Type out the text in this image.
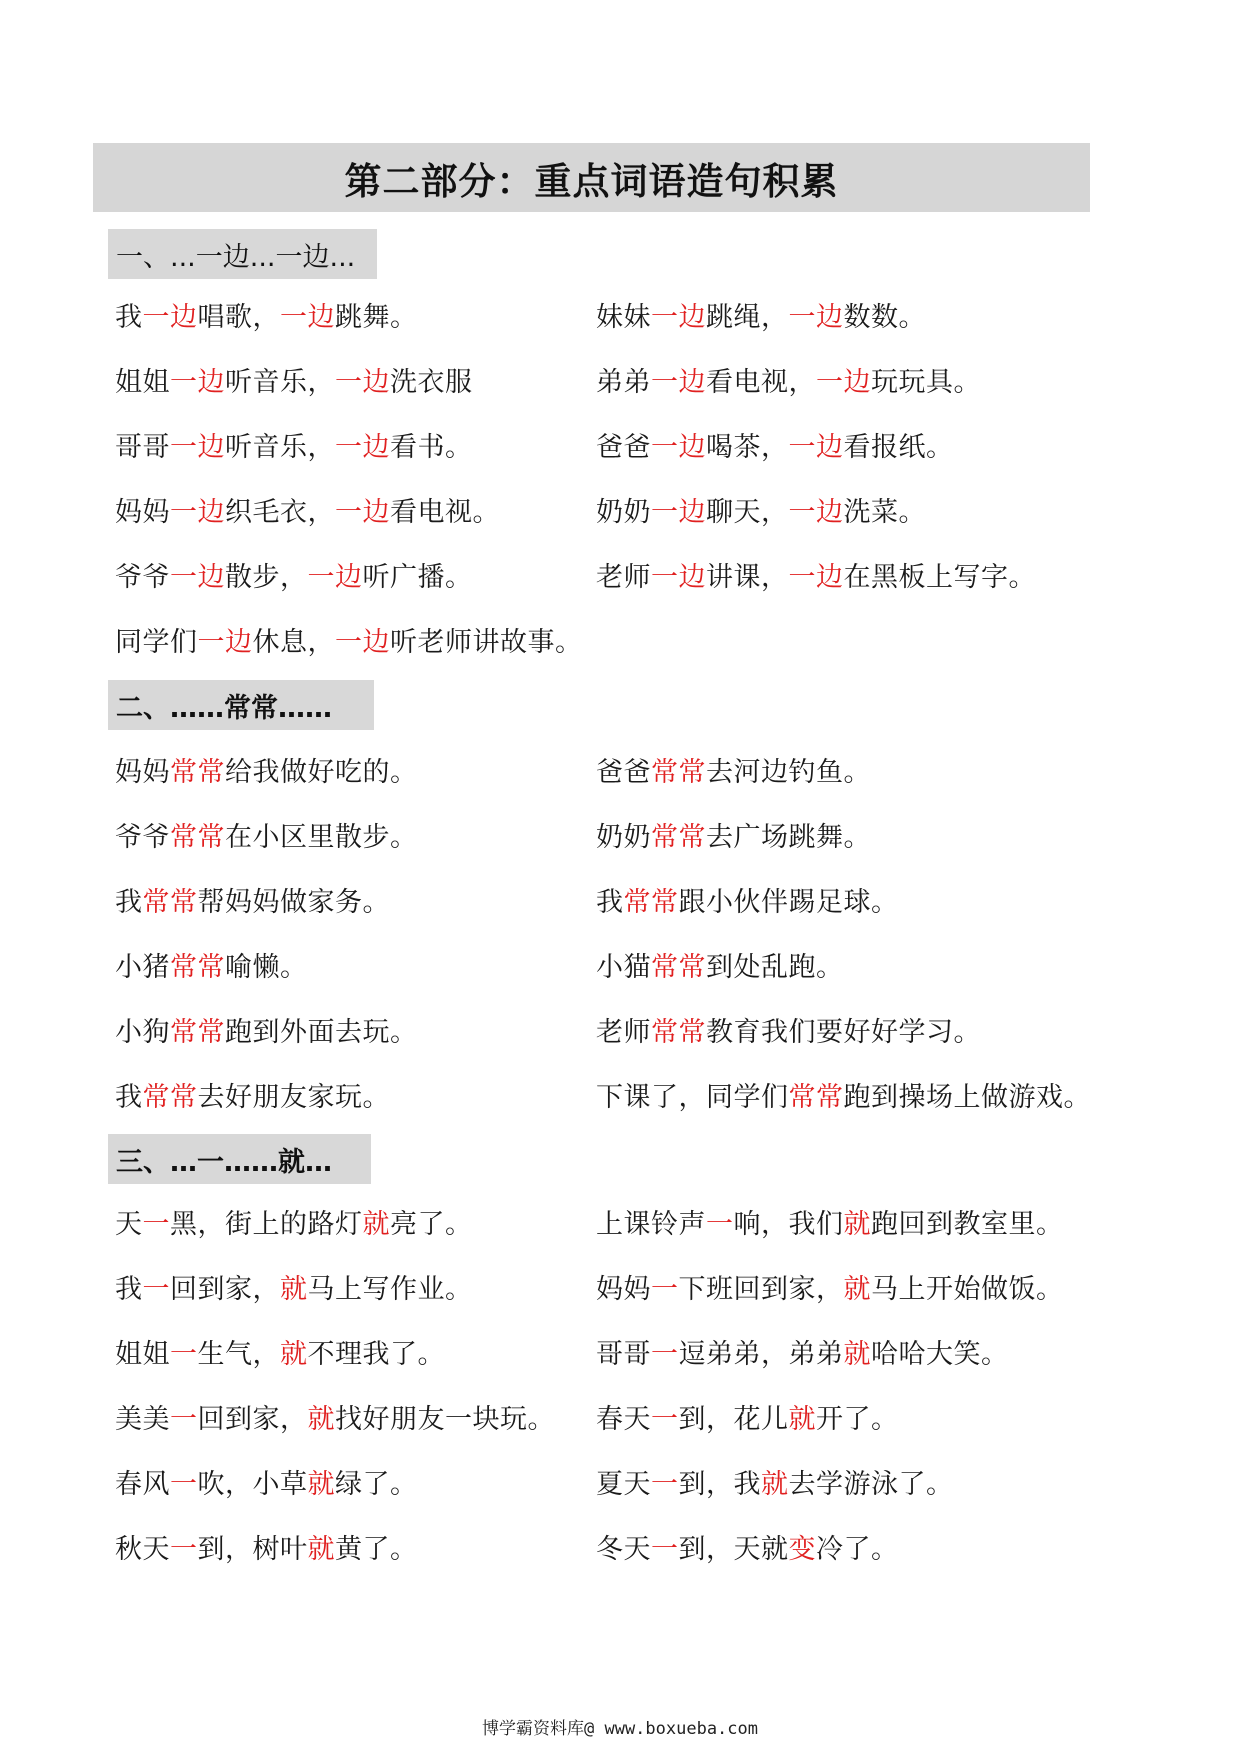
第二部分：重点词语造句积累
一、...一边...一边...
我一边唱歌，一边跳舞。	妹妹一边跳绳，一边数数。
姐姐一边听音乐，一边洗衣服	弟弟一边看电视，一边玩玩具。
哥哥一边听音乐，一边看书。	爸爸一边喝茶，一边看报纸。
妈妈一边织毛衣，一边看电视。	奶奶一边聊天，一边洗菜。
爷爷一边散步，一边听广播。	老师一边讲课，一边在黑板上写字。
同学们一边休息，一边听老师讲故事。
二、……常常……
妈妈常常给我做好吃的。	爸爸常常去河边钓鱼。
爷爷常常在小区里散步。	奶奶常常去广场跳舞。
我常常帮妈妈做家务。	我常常跟小伙伴踢足球。
小猪常常喻懒。	小猫常常到处乱跑。
小狗常常跑到外面去玩。	老师常常教育我们要好好学习。
我常常去好朋友家玩。	下课了，同学们常常跑到操场上做游戏。
三、…一……就…
天一黑，街上的路灯就亮了。	上课铃声一响，我们就跑回到教室里。
我一回到家，就马上写作业。	妈妈一下班回到家，就马上开始做饭。
姐姐一生气，就不理我了。	哥哥一逗弟弟，弟弟就哈哈大笑。
美美一回到家，就找好朋友一块玩。	春天一到，花儿就开了。
春风一吹，小草就绿了。	夏天一到，我就去学游泳了。
秋天一到，树叶就黄了。	冬天一到，天就变冷了。
博学霸资料库@ www.boxueba.com
